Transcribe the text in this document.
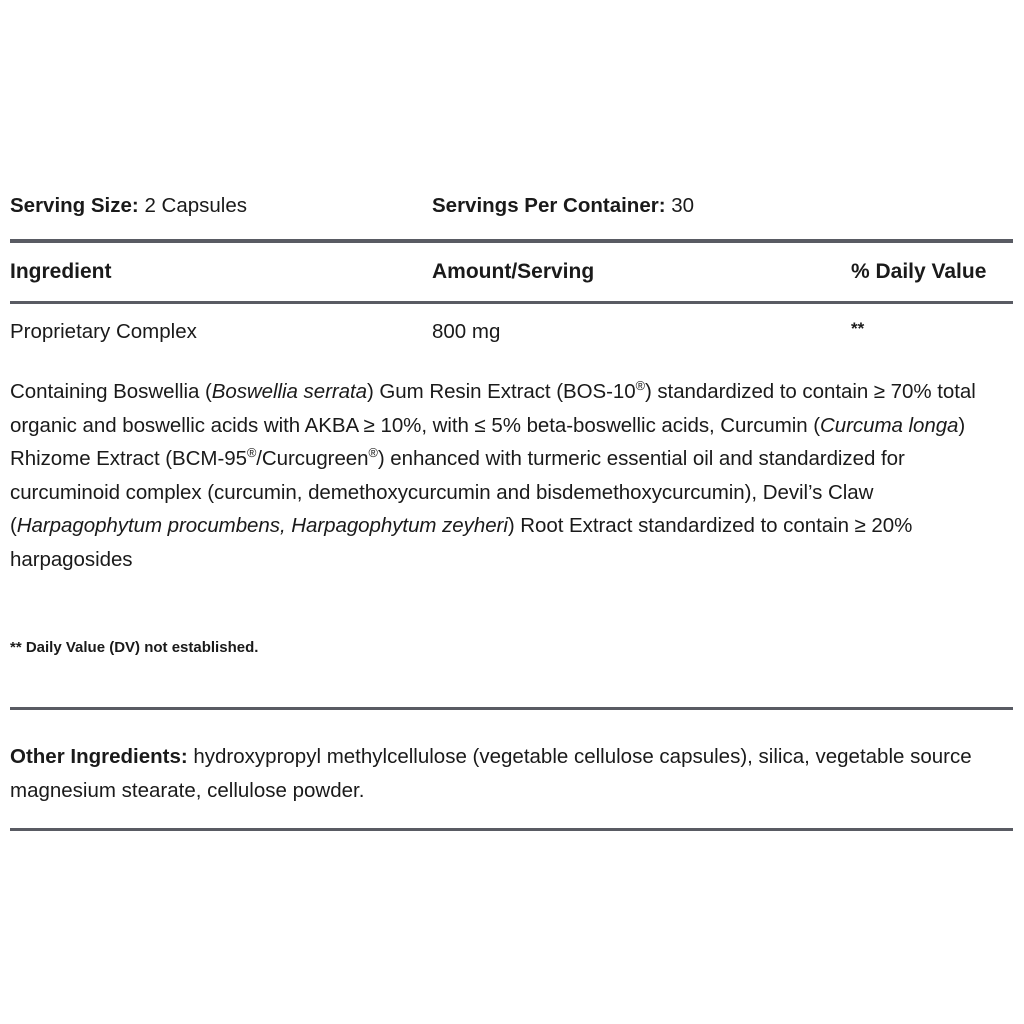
Serving Size: 2 Capsules	Servings Per Container: 30
Ingredient	Amount/Serving	% Daily Value
Proprietary Complex	800 mg	**
Containing Boswellia (Boswellia serrata) Gum Resin Extract (BOS-10®) standardized to contain ≥ 70% total organic and boswellic acids with AKBA ≥ 10%, with ≤ 5% beta-boswellic acids, Curcumin (Curcuma longa) Rhizome Extract (BCM-95®/Curcugreen®) enhanced with turmeric essential oil and standardized for curcuminoid complex (curcumin, demethoxycurcumin and bisdemethoxycurcumin), Devil’s Claw (Harpagophytum procumbens, Harpagophytum zeyheri) Root Extract standardized to contain ≥ 20% harpagosides
** Daily Value (DV) not established.
Other Ingredients: hydroxypropyl methylcellulose (vegetable cellulose capsules), silica, vegetable source magnesium stearate, cellulose powder.
